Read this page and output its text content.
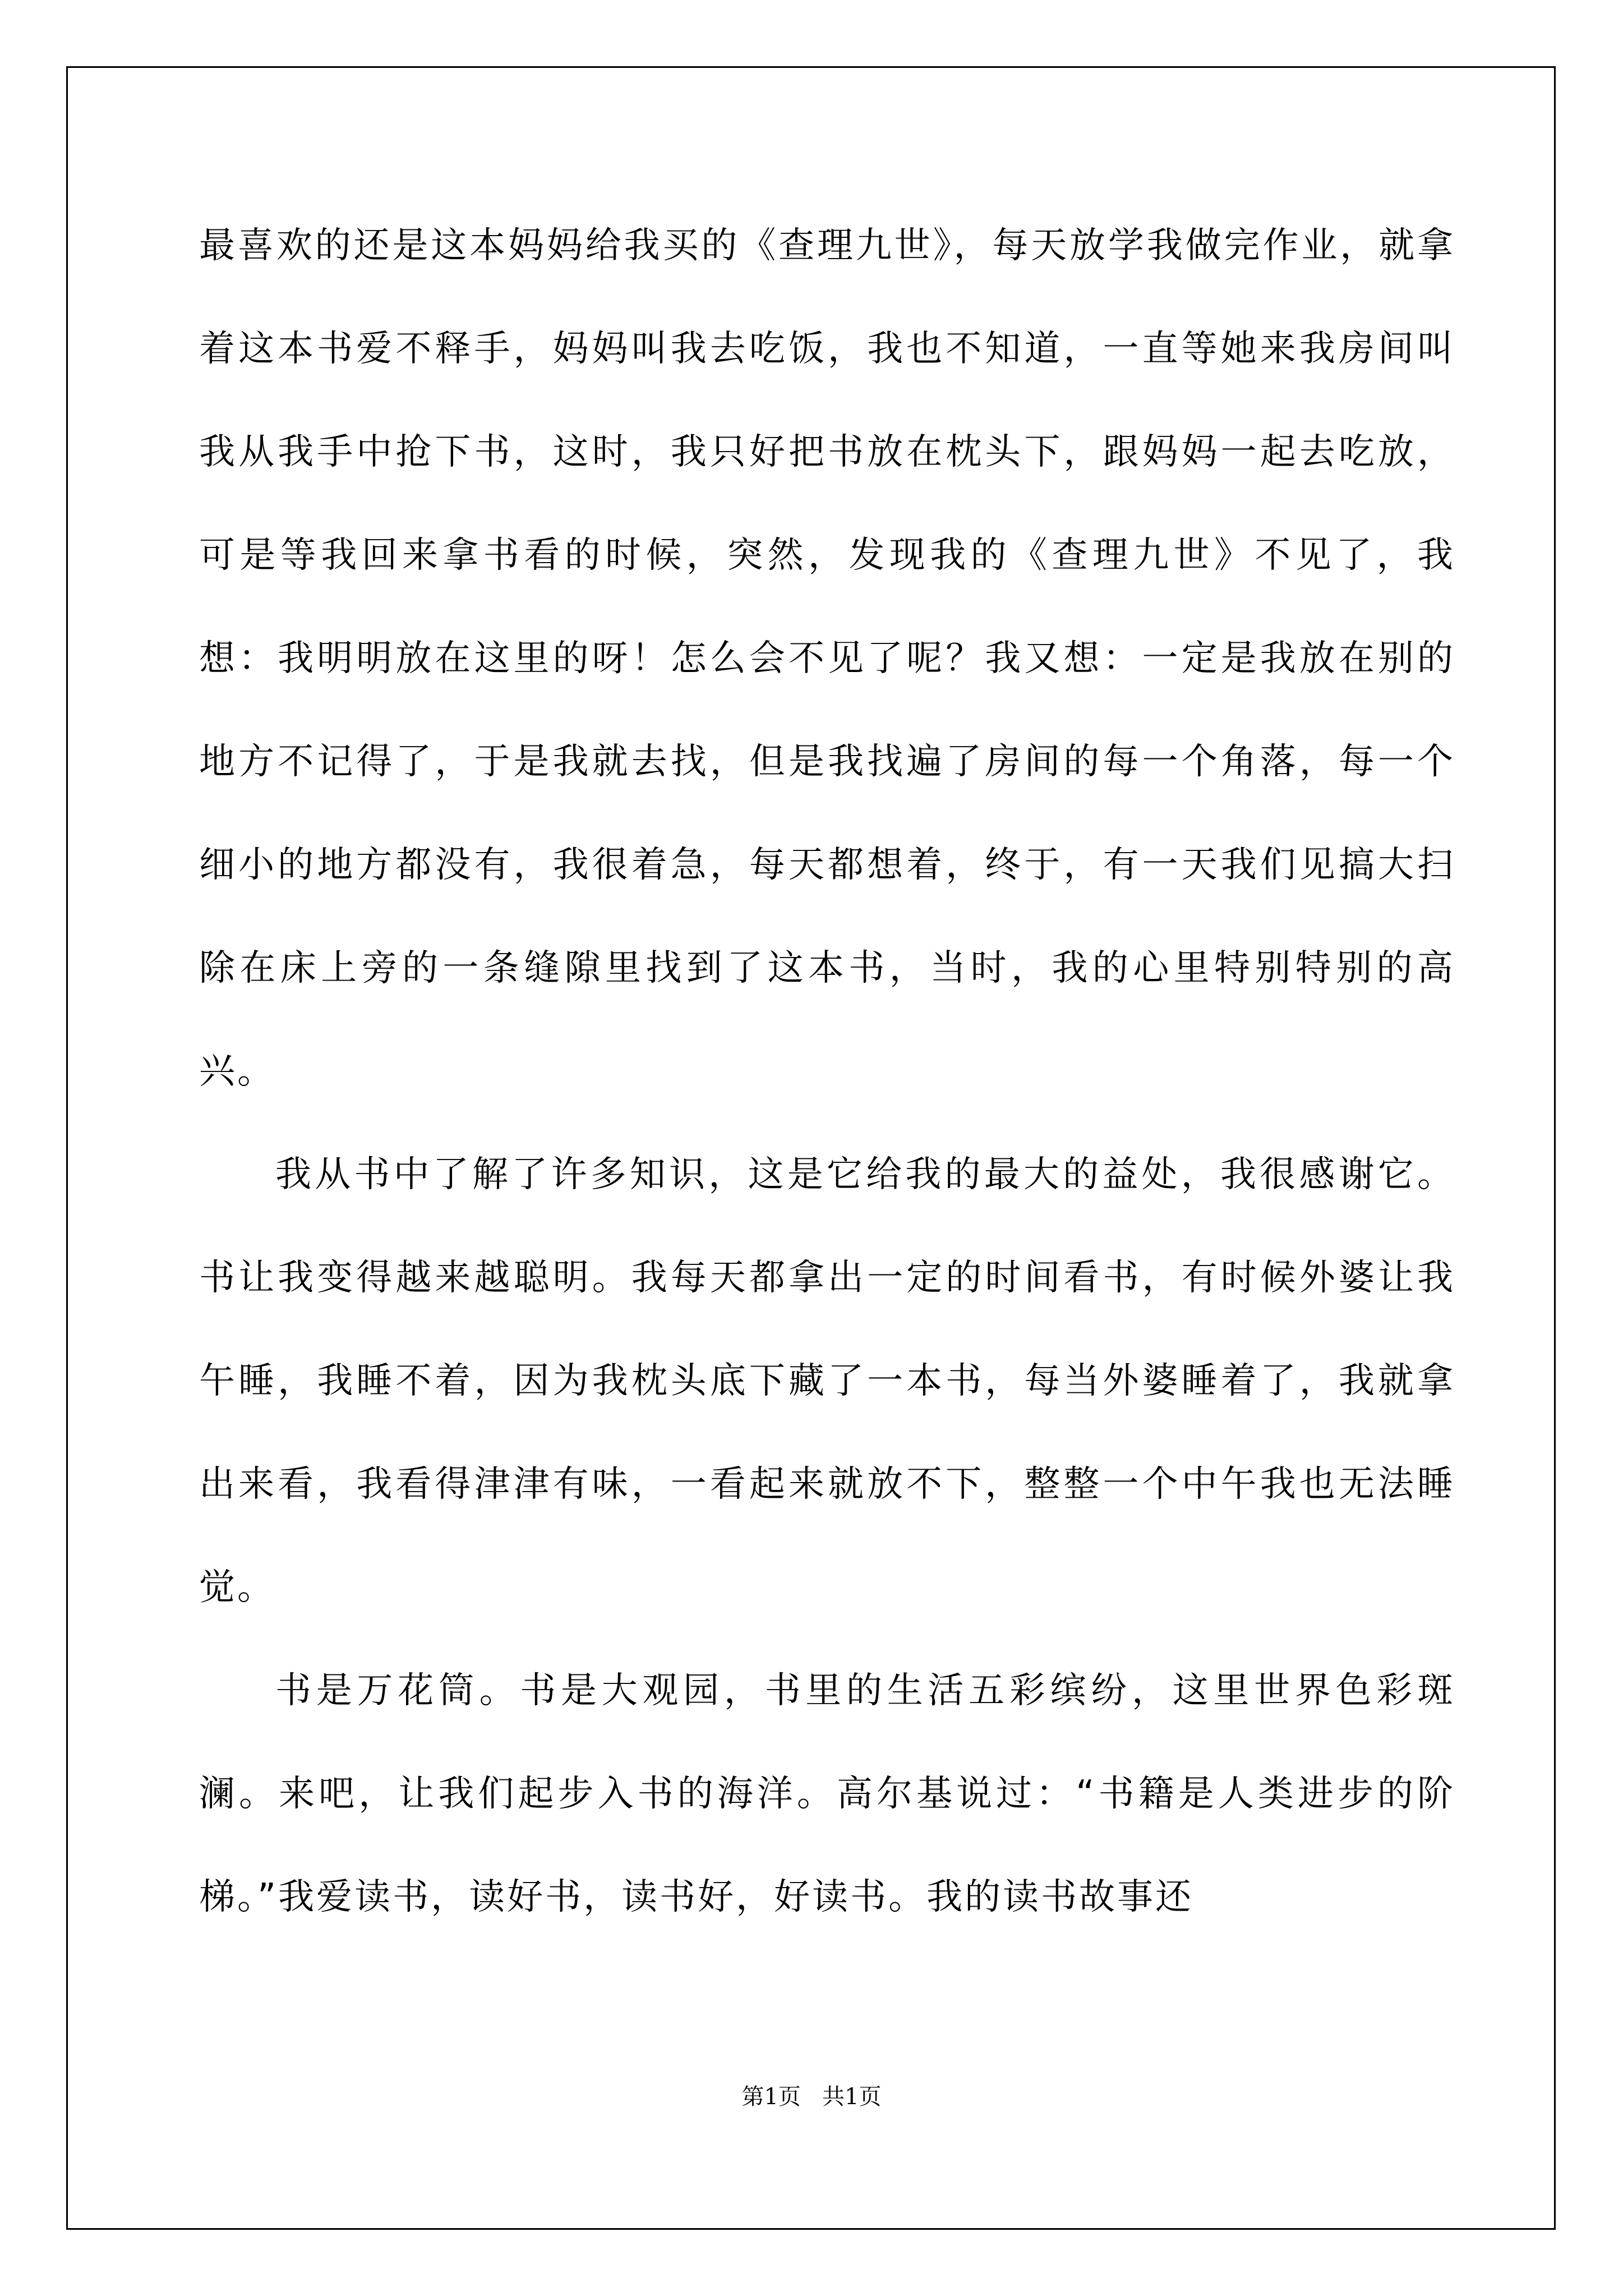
最喜欢的还是这本妈妈给我买的《查理九世》，每天放学我做完作业，就拿着这本书爱不释手，妈妈叫我去吃饭，我也不知道，一直等她来我房间叫我从我手中抢下书，这时，我只好把书放在枕头下，跟妈妈一起去吃放，可是等我回来拿书看的时候，突然，发现我的《查理九世》不见了，我想：我明明放在这里的呀！怎么会不见了呢？我又想：一定是我放在别的地方不记得了，于是我就去找，但是我找遍了房间的每一个角落，每一个细小的地方都没有，我很着急，每天都想着，终于，有一天我们见搞大扫除在床上旁的一条缝隙里找到了这本书，当时，我的心里特别特别的高兴。

我从书中了解了许多知识，这是它给我的最大的益处，我很感谢它。书让我变得越来越聪明。我每天都拿出一定的时间看书，有时候外婆让我午睡，我睡不着，因为我枕头底下藏了一本书，每当外婆睡着了，我就拿出来看，我看得津津有味，一看起来就放不下，整整一个中午我也无法睡觉。

书是万花筒。书是大观园，书里的生活五彩缤纷，这里世界色彩斑澜。来吧，让我们起步入书的海洋。高尔基说过：“书籍是人类进步的阶梯。”我爱读书，读好书，读书好，好读书。我的读书故事还

第1页   共1页
